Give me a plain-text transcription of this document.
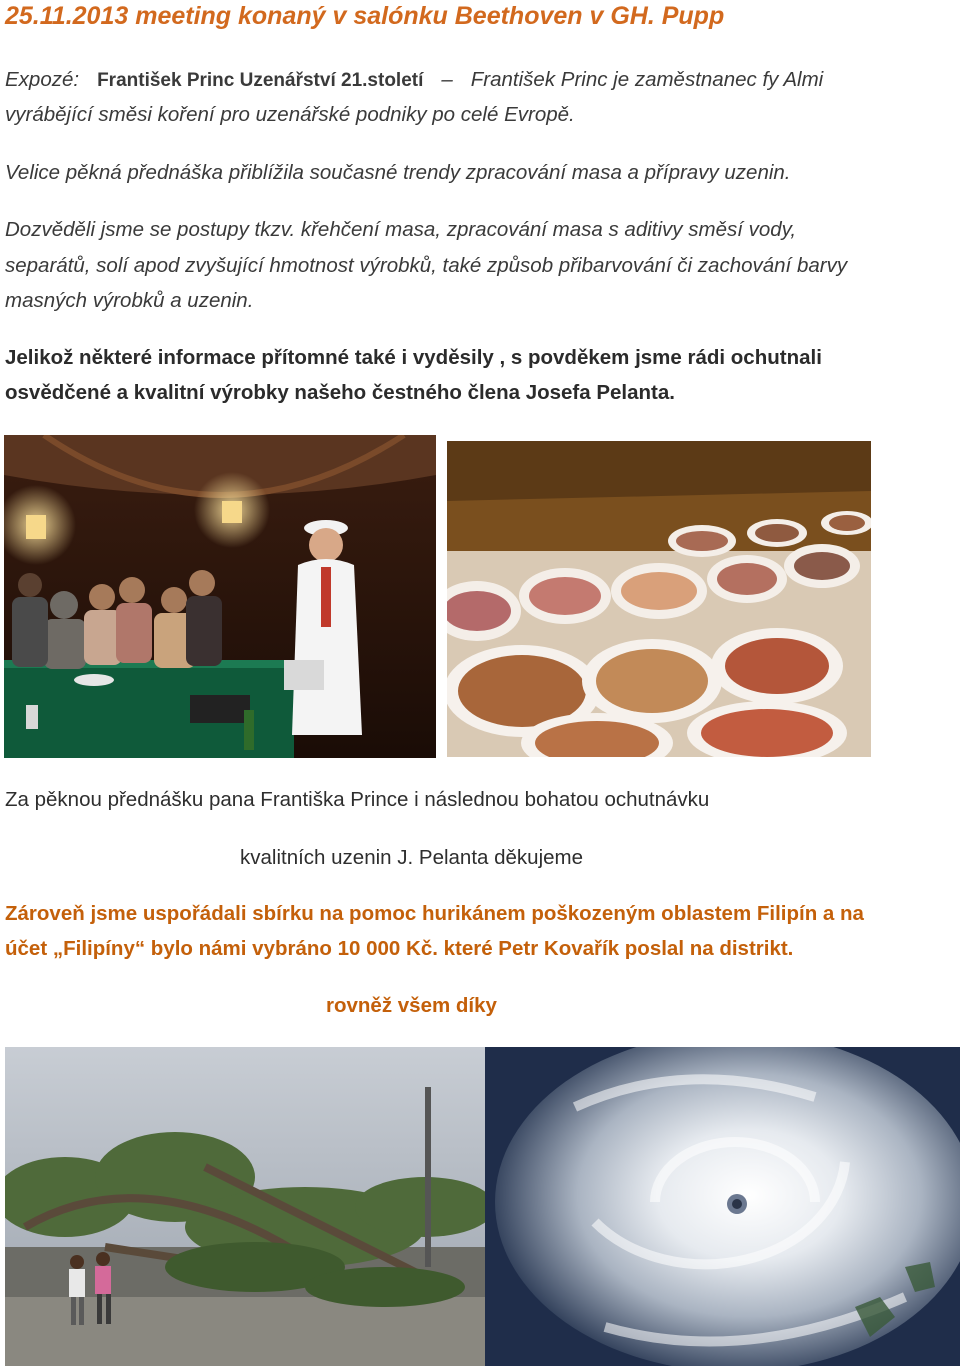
25.11.2013 meeting konaný v salónku Beethoven v GH. Pupp

Expozé: František Princ Uzenářství 21.století – František Princ je zaměstnanec fy Almi

vyrábějící směsi koření pro uzenářské podniky po celé Evropě.

Velice pěkná přednáška přiblížila současné trendy zpracování masa a přípravy uzenin.

Dozvěděli jsme se postupy tkzv. křehčení masa, zpracování masa s aditivy směsí vody,

separátů, solí apod zvyšující hmotnost výrobků, také způsob přibarvování či zachování barvy

masných výrobků a uzenin.

Jelikož některé informace přítomné také i vyděsily , s povděkem jsme rádi ochutnali

osvědčené a kvalitní výrobky našeho čestného člena Josefa Pelanta.

Za pěknou přednášku pana Františka Prince i následnou bohatou ochutnávku

kvalitních uzenin J. Pelanta děkujeme

Zároveň jsme uspořádali sbírku na pomoc hurikánem poškozeným oblastem Filipín a na

účet „Filipíny“ bylo námi vybráno 10 000 Kč. které Petr Kovařík poslal na distrikt.

rovněž všem díky
